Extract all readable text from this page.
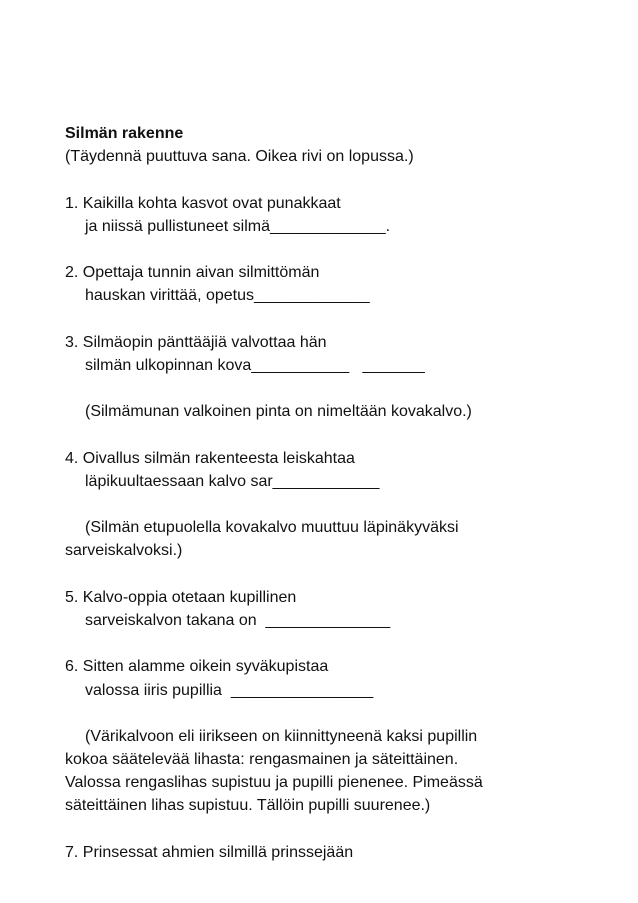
Silmän rakenne
(Täydennä puuttuva sana. Oikea rivi on lopussa.)
1. Kaikilla kohta kasvot ovat punakkaat
ja niissä pullistuneet silmä_____________.
2. Opettaja tunnin aivan silmittömän
hauskan virittää, opetus_____________
3. Silmäopin pänttääjiä valvottaa hän
silmän ulkopinnan kova___________   _______
(Silmämunan valkoinen pinta on nimeltään kovakalvo.)
4. Oivallus silmän rakenteesta leiskahtaa
läpikuultaessaan kalvo sar____________
(Silmän etupuolella kovakalvo muuttuu läpinäkyväksi
sarveiskalvoksi.)
5. Kalvo-oppia otetaan kupillinen
sarveiskalvon takana on  ______________
6. Sitten alamme oikein syväkupistaa
valossa iiris pupillia  ________________
(Värikalvoon eli iirikseen on kiinnittyneenä kaksi pupillin
kokoa säätelevää lihasta: rengasmainen ja säteittäinen.
Valossa rengaslihas supistuu ja pupilli pienenee. Pimeässä
säteittäinen lihas supistuu. Tällöin pupilli suurenee.)
7. Prinsessat ahmien silmillä prinssejään
